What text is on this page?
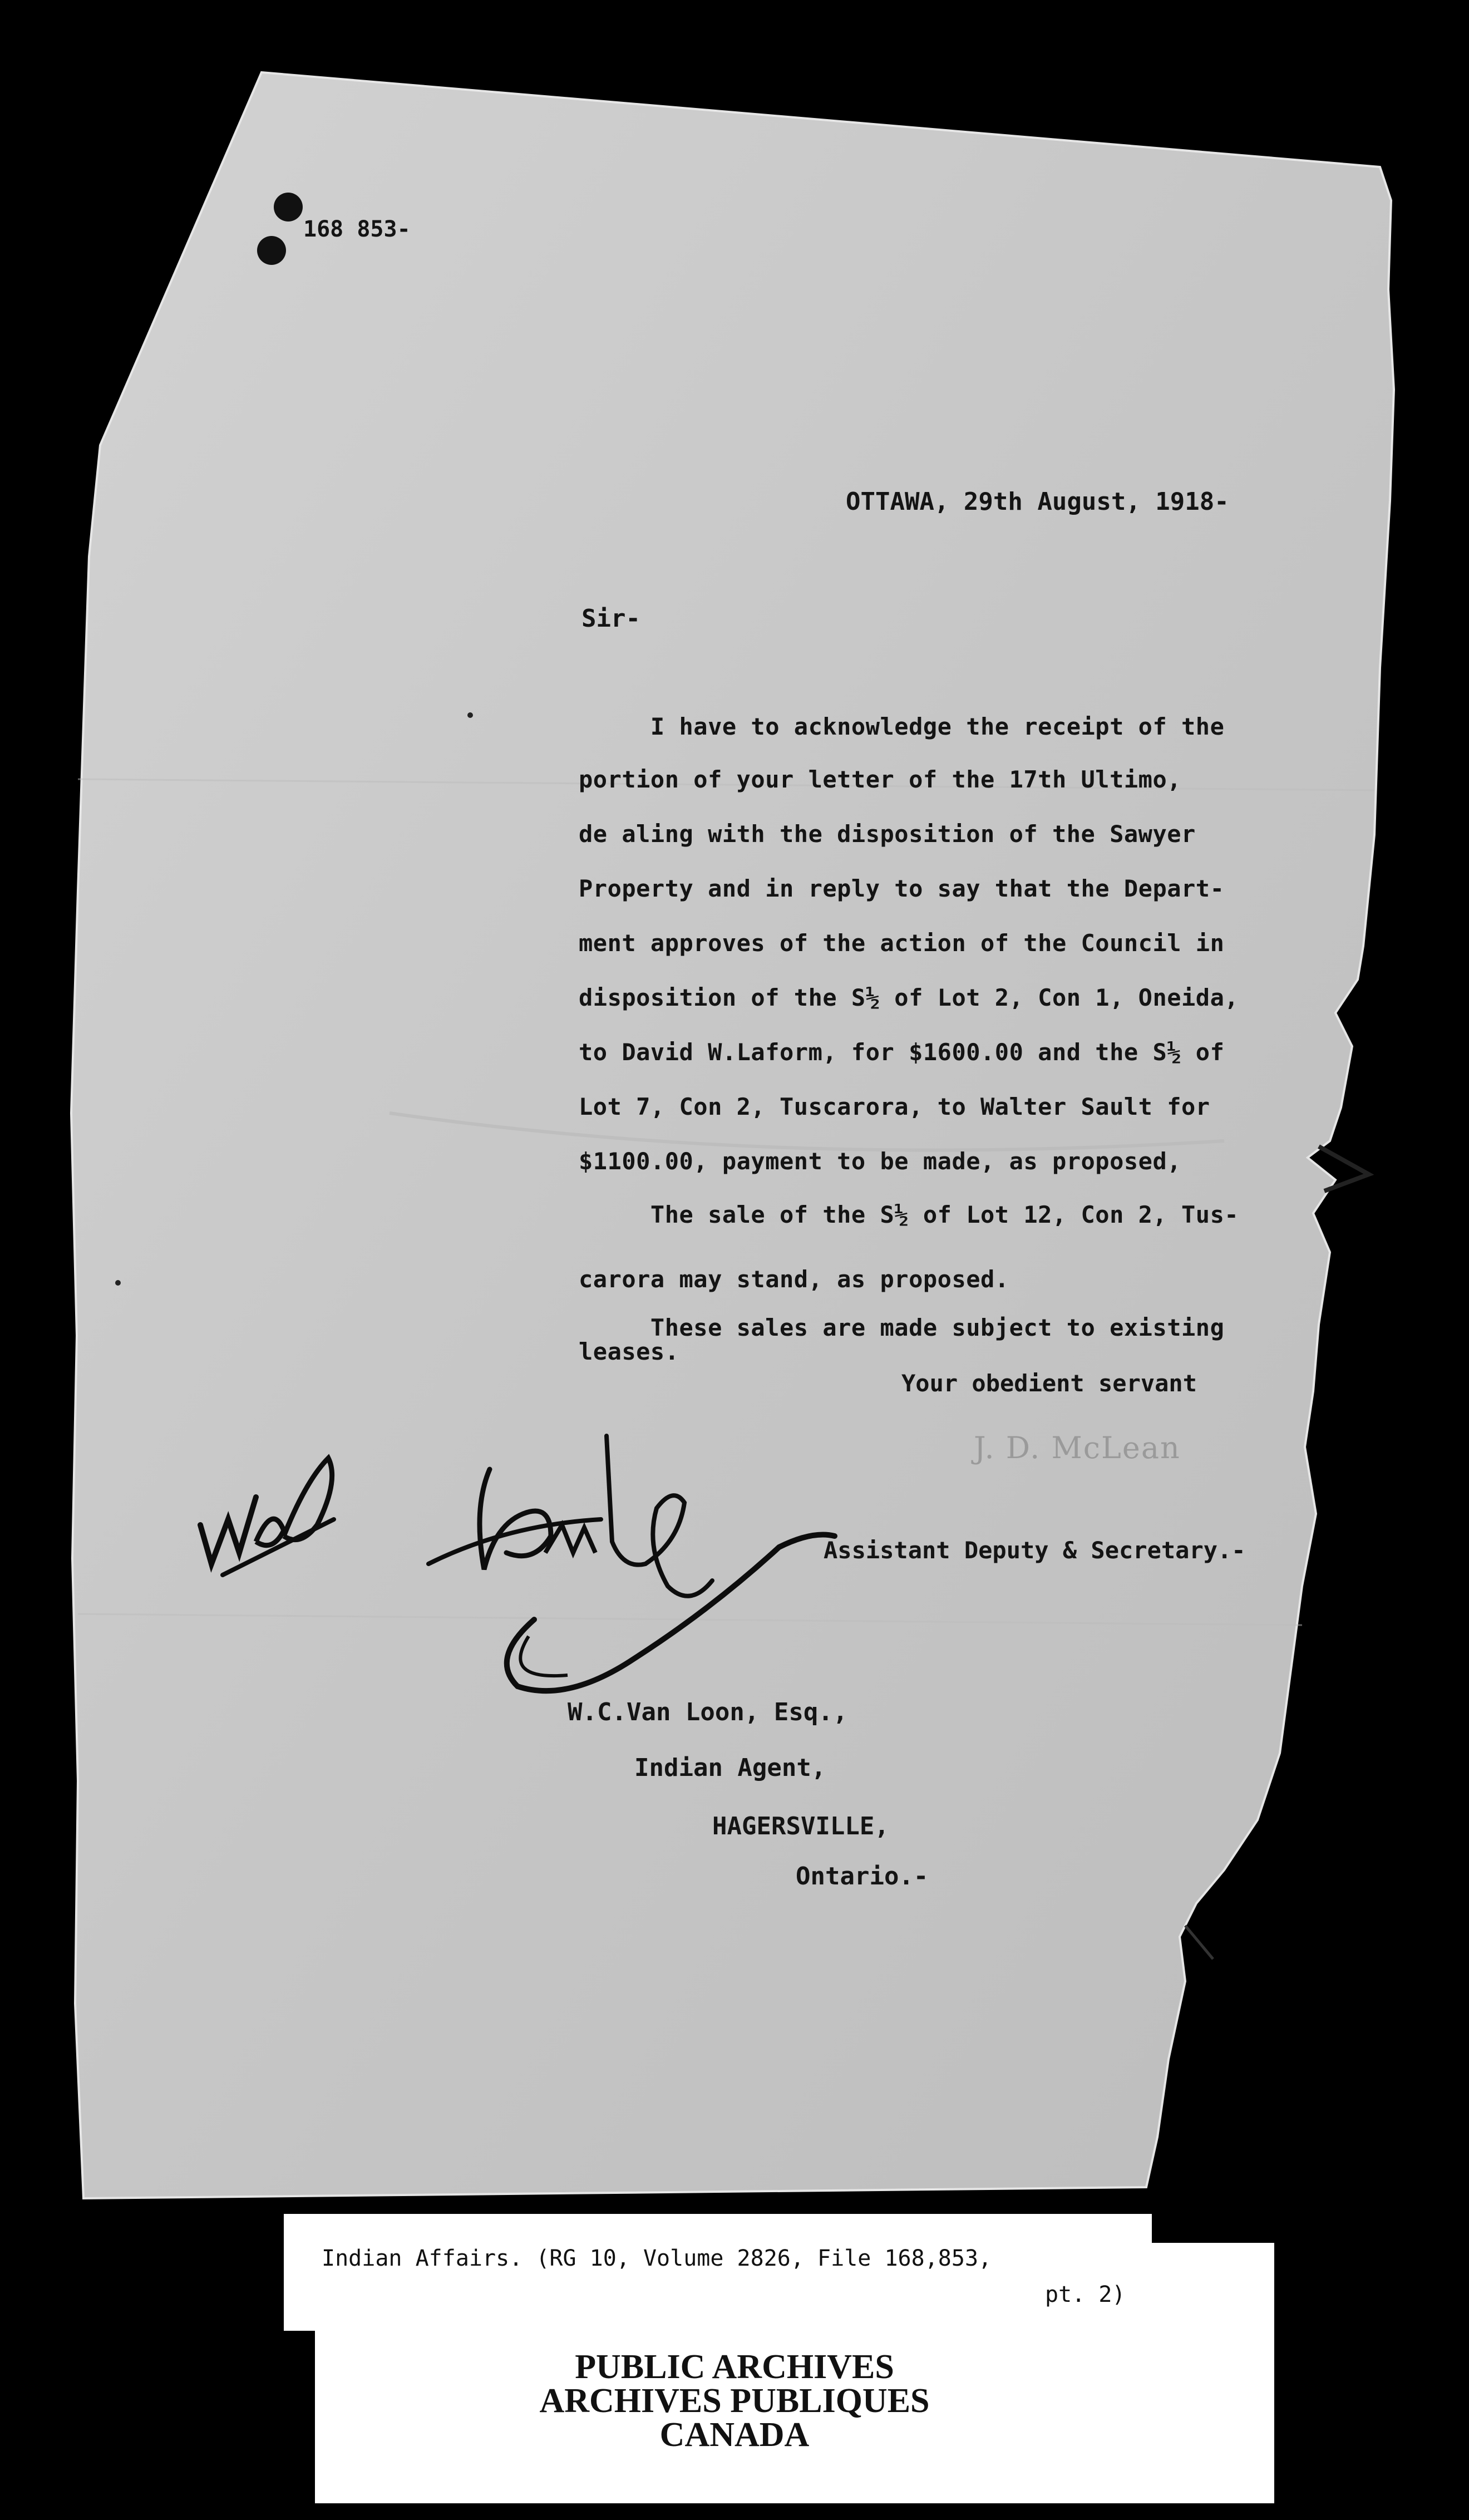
168 853-
OTTAWA, 29th August, 1918-
Sir-
I have to acknowledge the receipt of the
portion of your letter of the 17th Ultimo,
de aling with the disposition of the Sawyer
Property and in reply to say that the Depart-
ment approves of the action of the Council in
disposition of the S½ of Lot 2, Con 1, Oneida,
to David W.Laform, for $1600.00 and the S½ of
Lot 7, Con 2, Tuscarora, to Walter Sault for
$1100.00, payment to be made, as proposed,
The sale of the S½ of Lot 12, Con 2, Tus-
carora may stand, as proposed.
These sales are made subject to existing
leases.
Your obedient servant
J. D. McLean
Assistant Deputy & Secretary.-
W.C.Van Loon, Esq.,
Indian Agent,
HAGERSVILLE,
Ontario.-
Indian Affairs. (RG 10, Volume 2826, File 168,853,
pt. 2)
PUBLIC ARCHIVES
ARCHIVES PUBLIQUES
CANADA
